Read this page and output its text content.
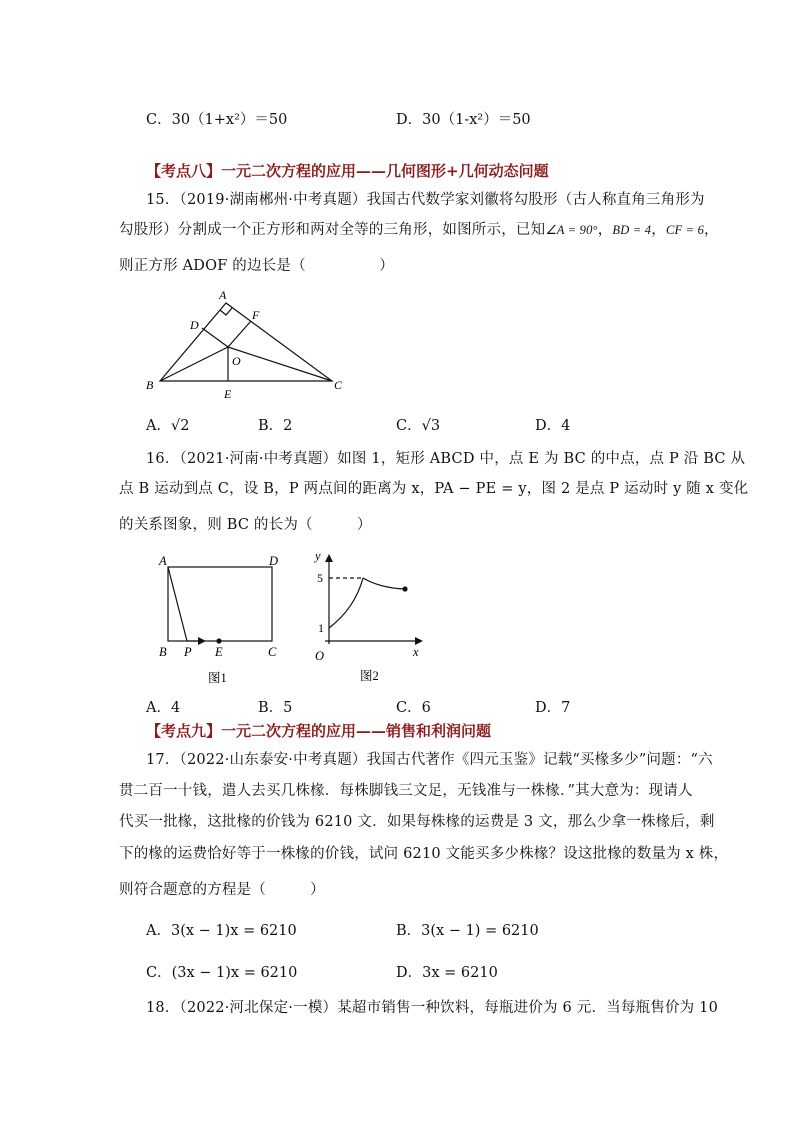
C．30（1+x²）＝50	D．30（1-x²）＝50
【考点八】一元二次方程的应用——几何图形+几何动态问题
15．（2019·湖南郴州·中考真题）我国古代数学家刘徽将勾股形（古人称直角三角形为
勾股形）分割成一个正方形和两对全等的三角形，如图所示，已知∠A = 90°，BD = 4，CF = 6，
则正方形 ADOF 的边长是（　　　　　）
A
B	C
D
E
F
O
A．√2	B．2	C．√3	D．4
16．（2021·河南·中考真题）如图 1，矩形 ABCD 中，点 E 为 BC 的中点，点 P 沿 BC 从
点 B 运动到点 C，设 B，P 两点间的距离为 x，PA − PE = y，图 2 是点 P 运动时 y 随 x 变化
的关系图象，则 BC 的长为（　　　）
A	D
B P E	C
图1
y
x
O
5
1
图2
A．4	B．5	C．6	D．7
【考点九】一元二次方程的应用——销售和利润问题
17．（2022·山东泰安·中考真题）我国古代著作《四元玉鉴》记载“买椽多少”问题：“六
贯二百一十钱，遣人去买几株椽．每株脚钱三文足，无钱准与一株椽．”其大意为：现请人
代买一批椽，这批椽的价钱为 6210 文．如果每株椽的运费是 3 文，那么少拿一株椽后，剩
下的椽的运费恰好等于一株椽的价钱，试问 6210 文能买多少株椽？设这批椽的数量为 x 株，
则符合题意的方程是（　　　）
A．3(x − 1)x = 6210	B．3(x − 1) = 6210
C．(3x − 1)x = 6210	D．3x = 6210
18．（2022·河北保定·一模）某超市销售一种饮料，每瓶进价为 6 元．当每瓶售价为 10
